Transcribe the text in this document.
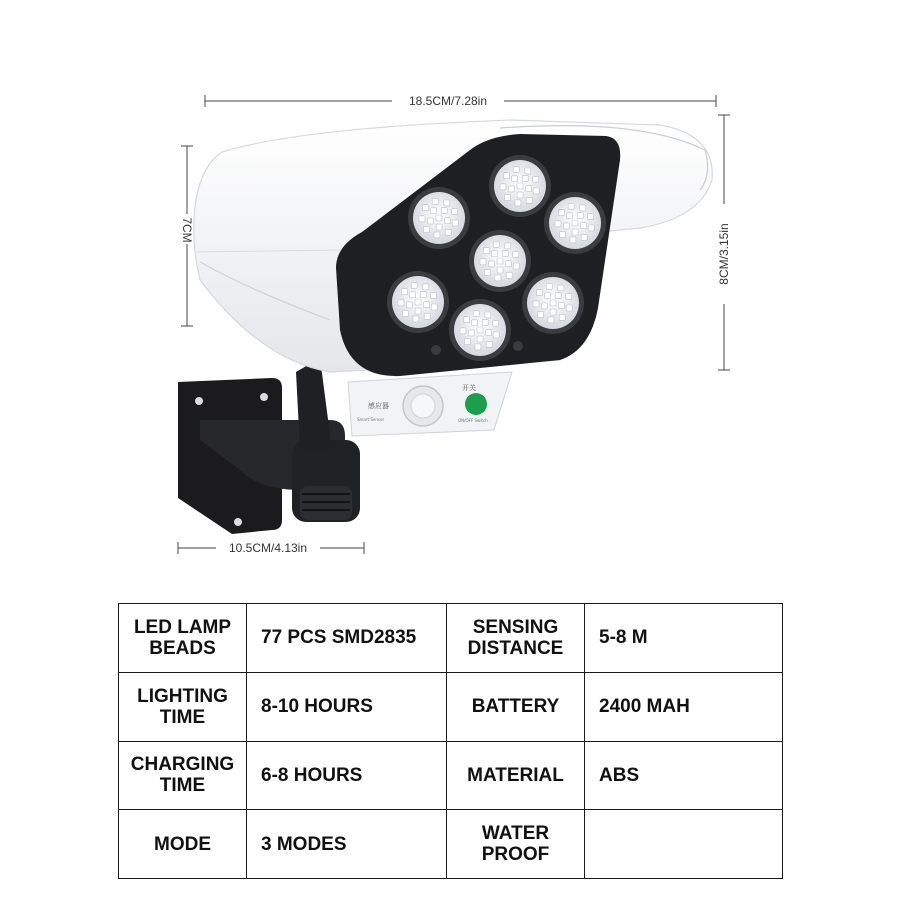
18.5CM/7.28in
7CM	8CM/3.15in
感应器
开关
Smart Sensor	ON/OFF Switch
10.5CM/4.13in
LED LAMP BEADS	77 PCS SMD2835	SENSING DISTANCE	5-8 M
LIGHTING TIME	8-10 HOURS	BATTERY	2400 MAH
CHARGING TIME	6-8 HOURS	MATERIAL	ABS
MODE	3 MODES	WATER PROOF	
